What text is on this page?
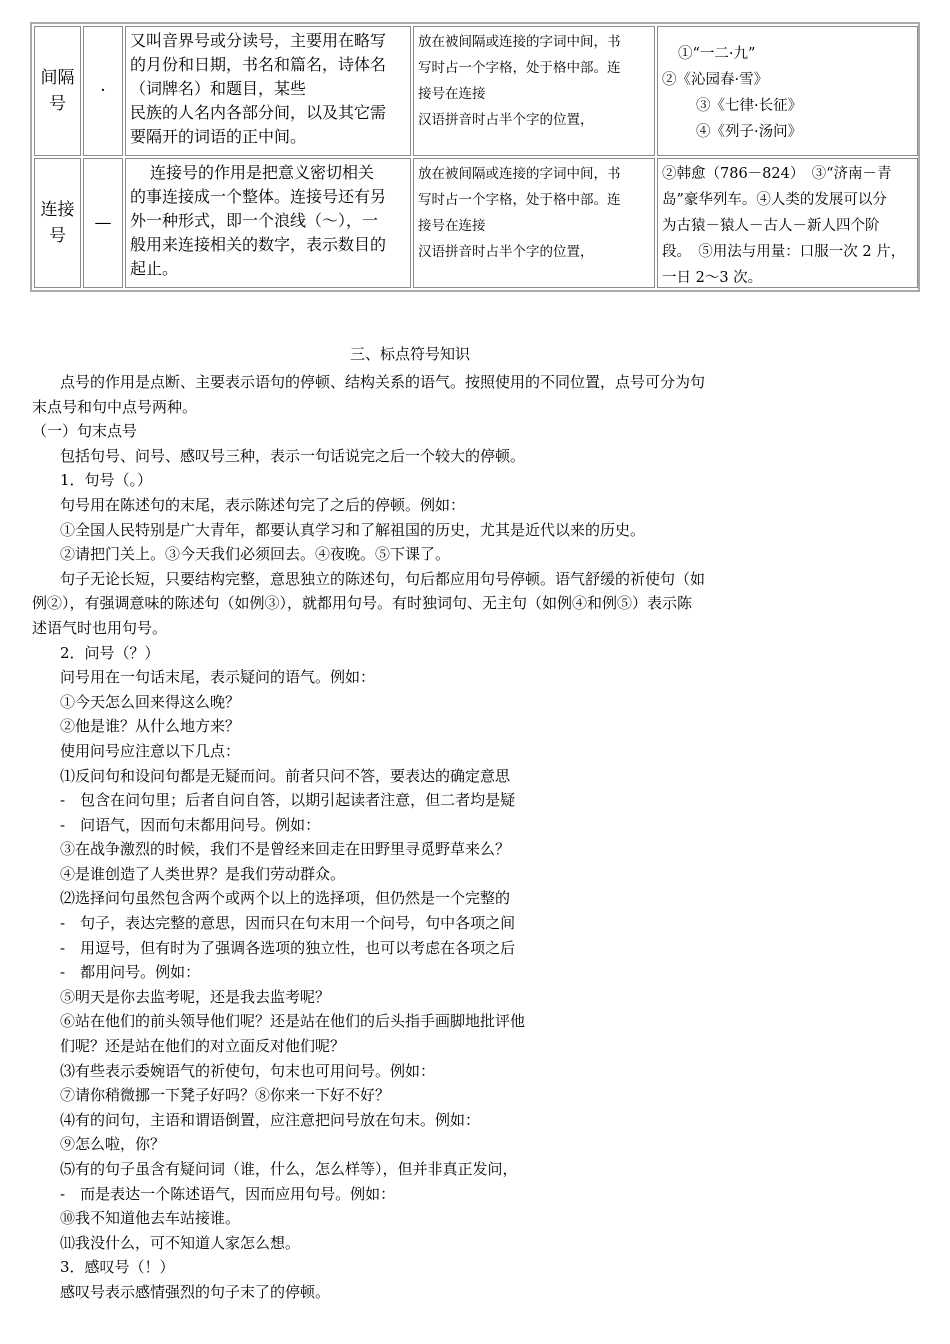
间隔
号
·
又叫音界号或分读号，主要用在略写
的月份和日期，书名和篇名，诗体名
（词牌名）和题目，某些
民族的人名内各部分间，以及其它需
要隔开的词语的正中间。
放在被间隔或连接的字词中间，书
写时占一个字格，处于格中部。连
接号在连接
汉语拼音时占半个字的位置，
①“一二·九”
②《沁园春·雪》
③《七律·长征》
④《列子·汤问》
连接
号
—
连接号的作用是把意义密切相关
的事连接成一个整体。连接号还有另
外一种形式，即一个浪线（～），一
般用来连接相关的数字，表示数目的
起止。
放在被间隔或连接的字词中间，书
写时占一个字格，处于格中部。连
接号在连接
汉语拼音时占半个字的位置，
②韩愈（786－824）　③“济南－青
岛”豪华列车。④人类的发展可以分
为古猿－猿人－古人－新人四个阶
段。　⑤用法与用量：口服一次 2 片，
一日 2～3 次。
三、标点符号知识
点号的作用是点断、主要表示语句的停顿、结构关系的语气。按照使用的不同位置，点号可分为句
末点号和句中点号两种。
（一）句末点号
包括句号、问号、感叹号三种，表示一句话说完之后一个较大的停顿。
1．句号（。）
句号用在陈述句的末尾，表示陈述句完了之后的停顿。例如：
①全国人民特别是广大青年，都要认真学习和了解祖国的历史，尤其是近代以来的历史。
②请把门关上。③今天我们必须回去。④夜晚。⑤下课了。
句子无论长短，只要结构完整，意思独立的陈述句，句后都应用句号停顿。语气舒缓的祈使句（如
例②），有强调意味的陈述句（如例③），就都用句号。有时独词句、无主句（如例④和例⑤）表示陈
述语气时也用句号。
2．问号（？）
问号用在一句话末尾，表示疑问的语气。例如：
①今天怎么回来得这么晚？
②他是谁？从什么地方来？
使用问号应注意以下几点：
⑴反问句和设问句都是无疑而问。前者只问不答，要表达的确定意思
-　包含在问句里；后者自问自答，以期引起读者注意，但二者均是疑
-　问语气，因而句末都用问号。例如：
③在战争激烈的时候，我们不是曾经来回走在田野里寻觅野草来么？
④是谁创造了人类世界？是我们劳动群众。
⑵选择问句虽然包含两个或两个以上的选择项，但仍然是一个完整的
-　句子，表达完整的意思，因而只在句末用一个问号，句中各项之间
-　用逗号，但有时为了强调各选项的独立性，也可以考虑在各项之后
-　都用问号。例如：
⑤明天是你去监考呢，还是我去监考呢？
⑥站在他们的前头领导他们呢？还是站在他们的后头指手画脚地批评他
们呢？还是站在他们的对立面反对他们呢？
⑶有些表示委婉语气的祈使句，句末也可用问号。例如：
⑦请你稍微挪一下凳子好吗？⑧你来一下好不好？
⑷有的问句，主语和谓语倒置，应注意把问号放在句末。例如：
⑨怎么啦，你？
⑸有的句子虽含有疑问词（谁，什么，怎么样等），但并非真正发问，
-　而是表达一个陈述语气，因而应用句号。例如：
⑩我不知道他去车站接谁。
⑾我没什么，可不知道人家怎么想。
3．感叹号（！）
感叹号表示感情强烈的句子末了的停顿。
